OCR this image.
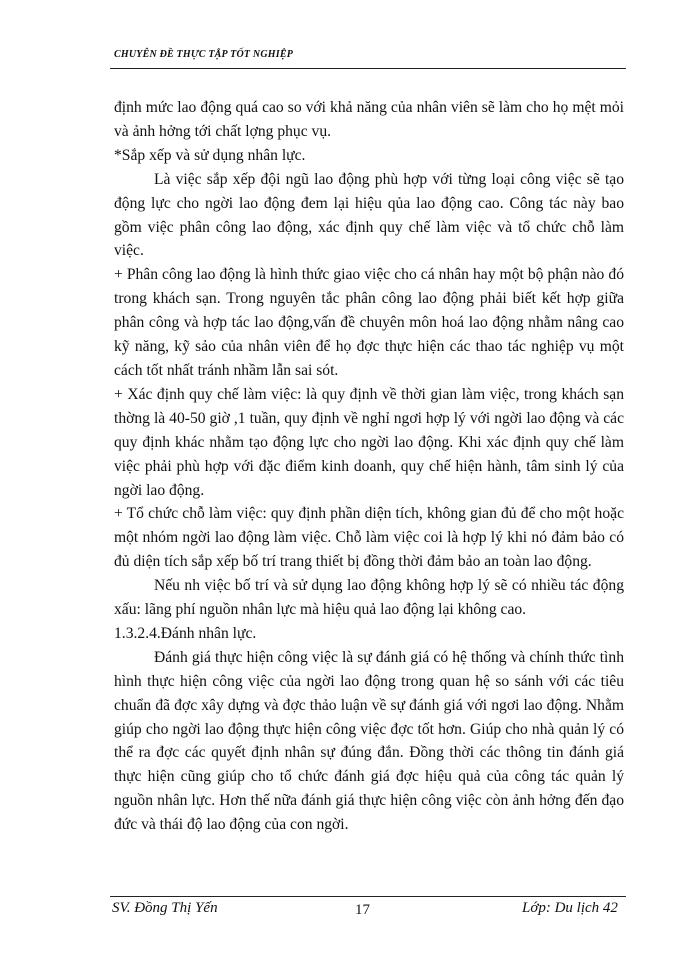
CHUYÊN ĐỀ THỰC TẬP TỐT NGHIỆP

định mức lao động quá cao so với khả năng của nhân viên sẽ làm cho họ mệt mỏi và ảnh hởng tới chất lợng phục vụ.

*Sắp xếp và sử dụng nhân lực.

Là việc sắp xếp đội ngũ lao động phù hợp với từng loại công việc sẽ tạo động lực cho ngời lao động đem lại hiệu qủa lao động cao. Công tác này bao gồm việc phân công lao động, xác định quy chế làm việc và tổ chức chỗ làm việc.

+ Phân công lao động là hình thức giao việc cho cá nhân hay một bộ phận nào đó trong khách sạn. Trong nguyên tắc phân công lao động phải biết kết hợp giữa phân công và hợp tác lao động,vấn đề chuyên môn hoá lao động nhằm nâng cao kỹ năng, kỹ sảo của nhân viên để họ đợc thực hiện các thao tác nghiệp vụ một cách tốt nhất tránh nhầm lẫn sai sót.

+ Xác định quy chế làm việc: là quy định về thời gian làm việc, trong khách sạn thờng là 40-50 giờ ,1 tuần, quy định về nghỉ ngơi hợp lý với ngời lao động và các quy định khác nhằm tạo động lực cho ngời lao động. Khi xác định quy chế làm việc phải phù hợp với đặc điểm kinh doanh, quy chế hiện hành, tâm sinh lý của ngời lao động.

+ Tổ chức chỗ làm việc: quy định phần diện tích, không gian đủ để cho một hoặc một nhóm ngời lao động làm việc. Chỗ làm việc coi là hợp lý khi nó đảm bảo có đủ diện tích sắp xếp bố trí trang thiết bị đồng thời đảm bảo an toàn lao động.

Nếu nh việc bố trí và sử dụng lao động không hợp lý sẽ có nhiều tác động xấu: lãng phí nguồn nhân lực mà hiệu quả lao động lại không cao.

1.3.2.4.Đánh nhân lực.

Đánh giá thực hiện công việc là sự đánh giá có hệ thống và chính thức tình hình thực hiện công việc của ngời lao động trong quan hệ so sánh với các tiêu chuẩn đã đợc xây dựng và đợc thảo luận về sự đánh giá với ngơi lao động. Nhằm giúp cho ngời lao động thực hiện công việc đợc tốt hơn. Giúp cho nhà quản lý có thể ra đợc các quyết định nhân sự đúng đắn. Đồng thời các thông tin đánh giá thực hiện cũng giúp cho tổ chức đánh giá đợc hiệu quả của công tác quản lý nguồn nhân lực. Hơn thế nữa đánh giá thực hiện công việc còn ảnh hởng đến đạo đức và thái độ lao động của con ngời.

SV. Đồng Thị Yến	17	Lớp: Du lịch 42
